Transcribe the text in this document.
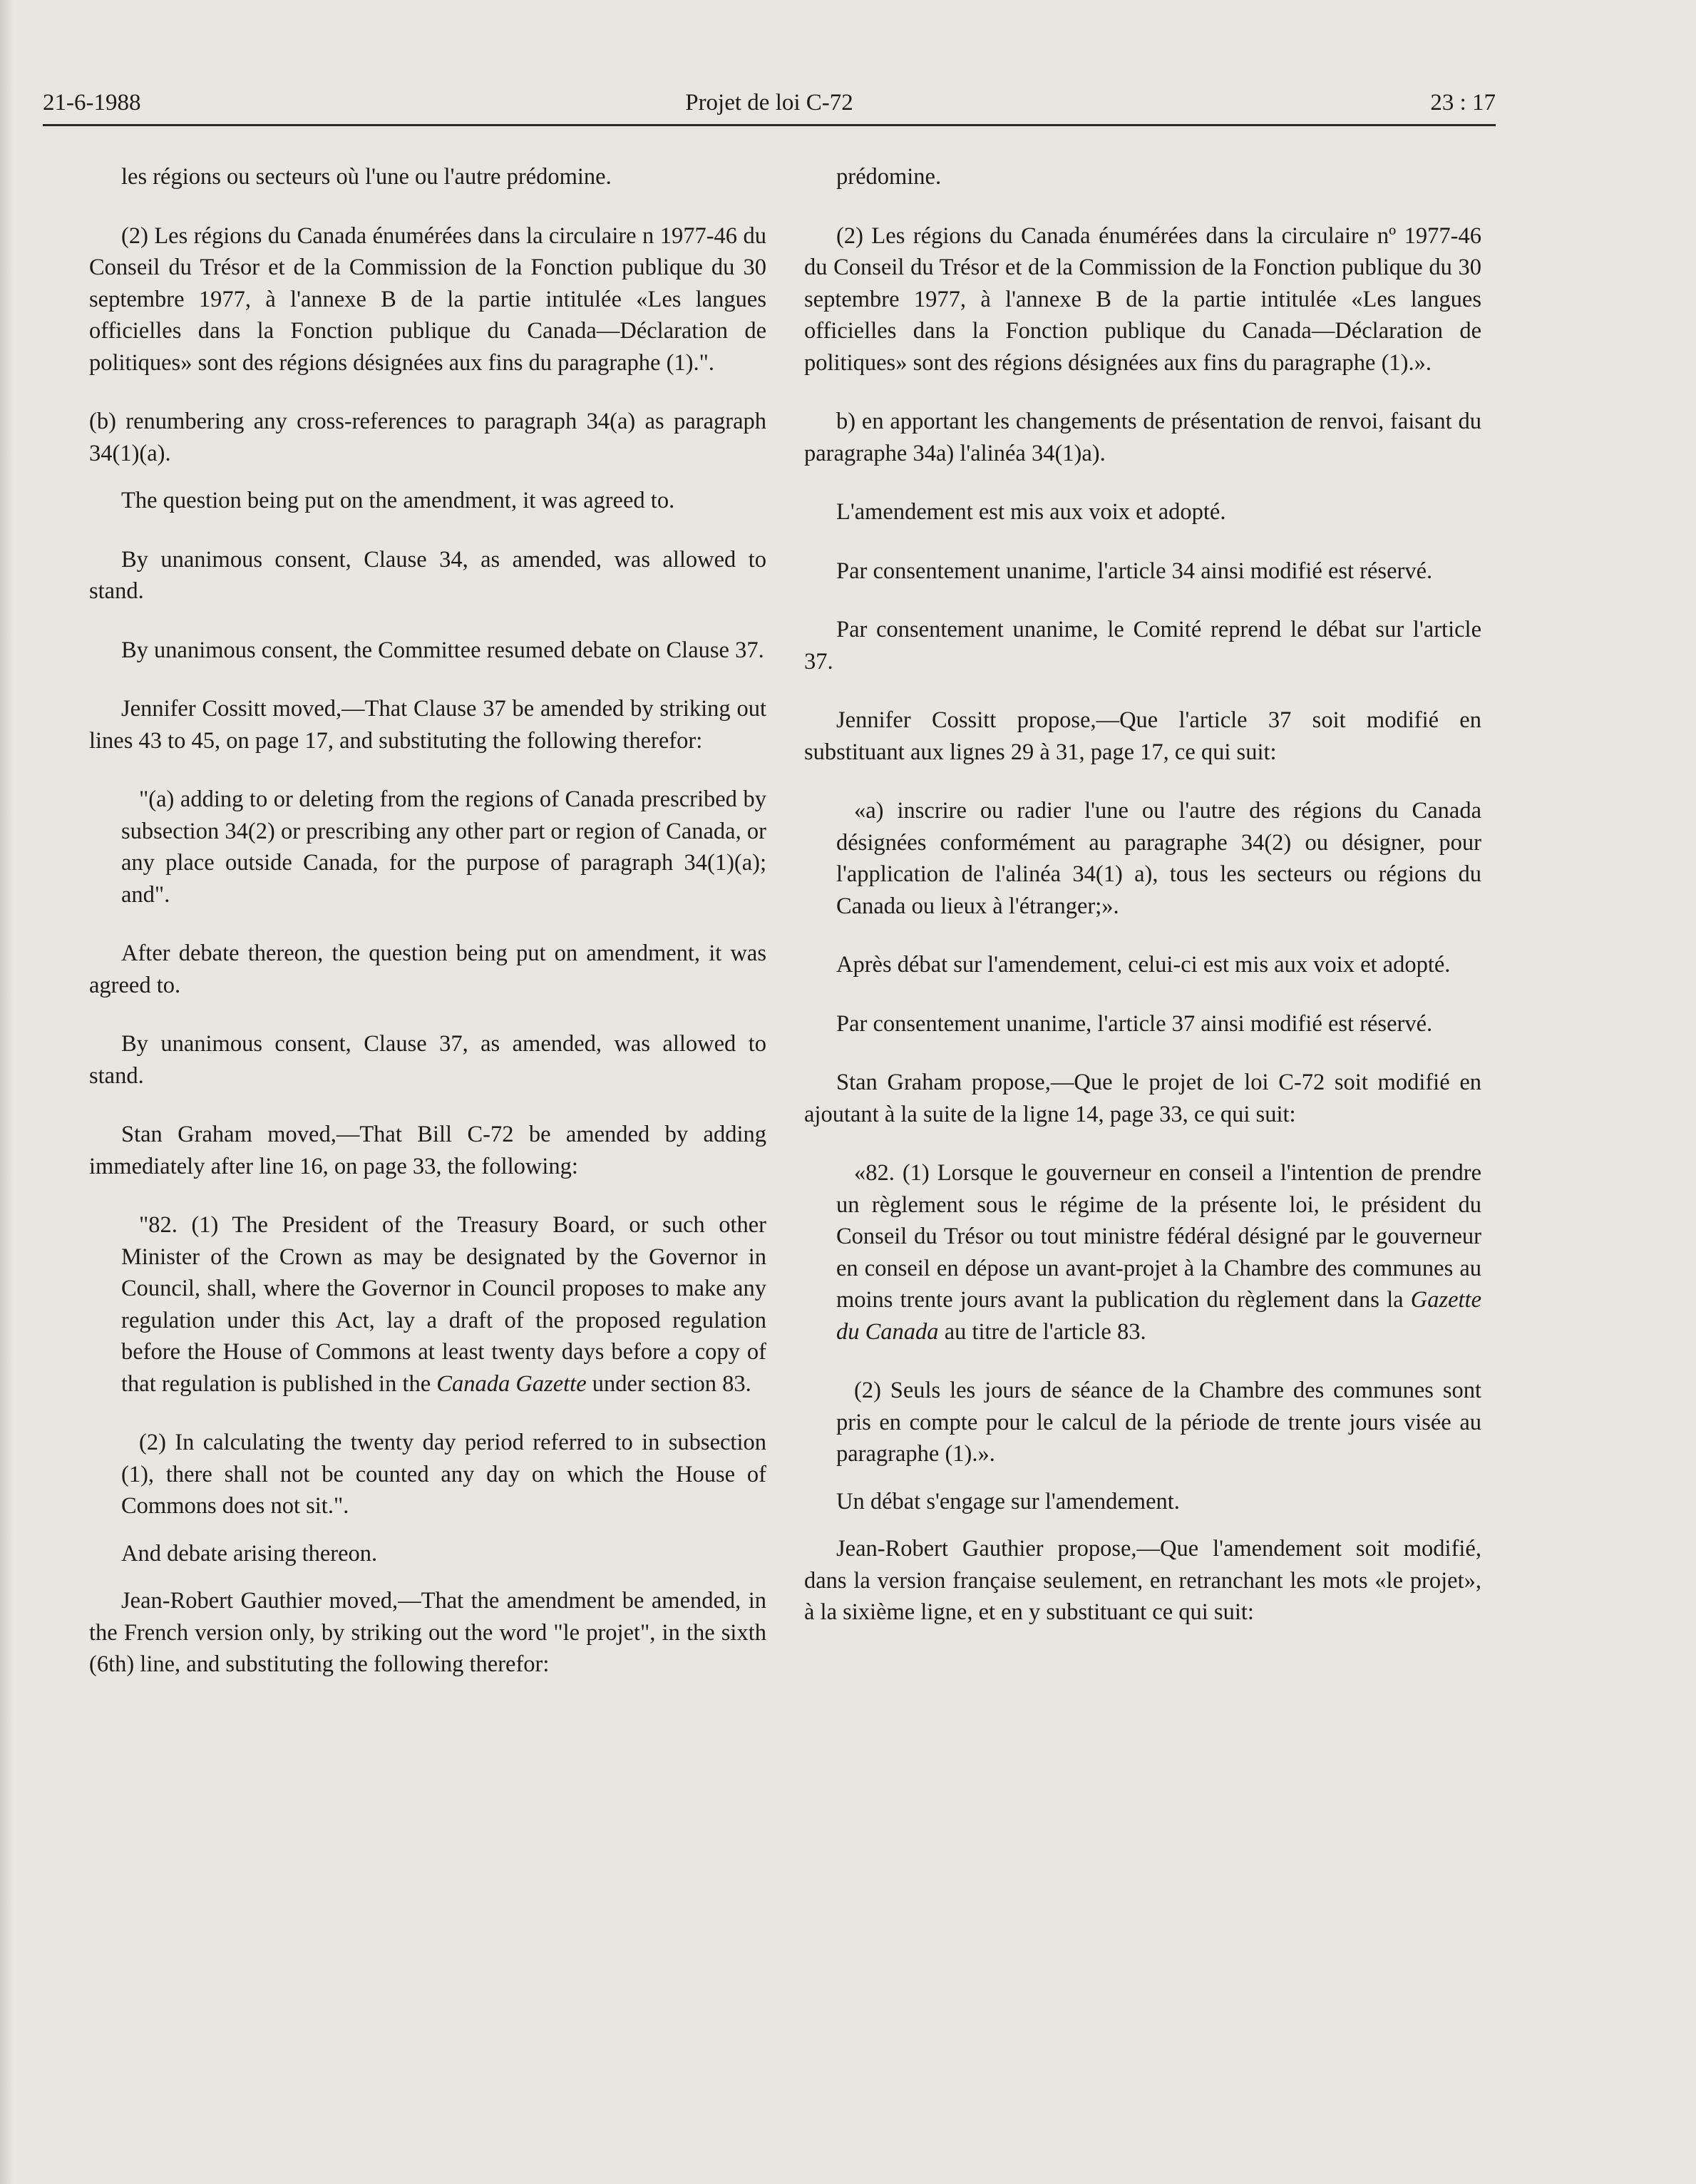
21-6-1988	Projet de loi C-72	23 : 17

les régions ou secteurs où l'une ou l'autre prédomine.

(2) Les régions du Canada énumérées dans la circulaire n 1977-46 du Conseil du Trésor et de la Commission de la Fonction publique du 30 septembre 1977, à l'annexe B de la partie intitulée «Les langues officielles dans la Fonction publique du Canada—Déclaration de politiques» sont des régions désignées aux fins du paragraphe (1).".

(b) renumbering any cross-references to paragraph 34(a) as paragraph 34(1)(a).

The question being put on the amendment, it was agreed to.

By unanimous consent, Clause 34, as amended, was allowed to stand.

By unanimous consent, the Committee resumed debate on Clause 37.

Jennifer Cossitt moved,—That Clause 37 be amended by striking out lines 43 to 45, on page 17, and substituting the following therefor:

"(a) adding to or deleting from the regions of Canada prescribed by subsection 34(2) or prescribing any other part or region of Canada, or any place outside Canada, for the purpose of paragraph 34(1)(a); and".

After debate thereon, the question being put on amendment, it was agreed to.

By unanimous consent, Clause 37, as amended, was allowed to stand.

Stan Graham moved,—That Bill C-72 be amended by adding immediately after line 16, on page 33, the following:

"82. (1) The President of the Treasury Board, or such other Minister of the Crown as may be designated by the Governor in Council, shall, where the Governor in Council proposes to make any regulation under this Act, lay a draft of the proposed regulation before the House of Commons at least twenty days before a copy of that regulation is published in the Canada Gazette under section 83.

(2) In calculating the twenty day period referred to in subsection (1), there shall not be counted any day on which the House of Commons does not sit.".

And debate arising thereon.

Jean-Robert Gauthier moved,—That the amendment be amended, in the French version only, by striking out the word "le projet", in the sixth (6th) line, and substituting the following therefor:

prédomine.

(2) Les régions du Canada énumérées dans la circulaire nº 1977-46 du Conseil du Trésor et de la Commission de la Fonction publique du 30 septembre 1977, à l'annexe B de la partie intitulée «Les langues officielles dans la Fonction publique du Canada—Déclaration de politiques» sont des régions désignées aux fins du paragraphe (1).».

b) en apportant les changements de présentation de renvoi, faisant du paragraphe 34a) l'alinéa 34(1)a).

L'amendement est mis aux voix et adopté.

Par consentement unanime, l'article 34 ainsi modifié est réservé.

Par consentement unanime, le Comité reprend le débat sur l'article 37.

Jennifer Cossitt propose,—Que l'article 37 soit modifié en substituant aux lignes 29 à 31, page 17, ce qui suit:

«a) inscrire ou radier l'une ou l'autre des régions du Canada désignées conformément au paragraphe 34(2) ou désigner, pour l'application de l'alinéa 34(1) a), tous les secteurs ou régions du Canada ou lieux à l'étranger;».

Après débat sur l'amendement, celui-ci est mis aux voix et adopté.

Par consentement unanime, l'article 37 ainsi modifié est réservé.

Stan Graham propose,—Que le projet de loi C-72 soit modifié en ajoutant à la suite de la ligne 14, page 33, ce qui suit:

«82. (1) Lorsque le gouverneur en conseil a l'intention de prendre un règlement sous le régime de la présente loi, le président du Conseil du Trésor ou tout ministre fédéral désigné par le gouverneur en conseil en dépose un avant-projet à la Chambre des communes au moins trente jours avant la publication du règlement dans la Gazette du Canada au titre de l'article 83.

(2) Seuls les jours de séance de la Chambre des communes sont pris en compte pour le calcul de la période de trente jours visée au paragraphe (1).».

Un débat s'engage sur l'amendement.

Jean-Robert Gauthier propose,—Que l'amendement soit modifié, dans la version française seulement, en retranchant les mots «le projet», à la sixième ligne, et en y substituant ce qui suit:
